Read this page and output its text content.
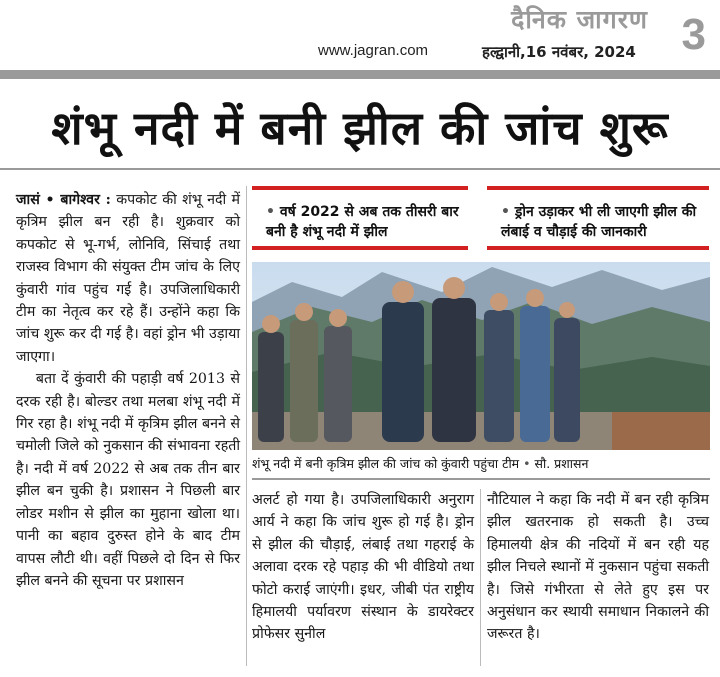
दैनिक जागरण
www.jagran.com	हल्द्वानी,16 नवंबर, 2024 3
शंभू नदी में बनी झील की जांच शुरू

जासं • बागेश्वर : कपकोट की शंभू नदी में कृत्रिम झील बन रही है। शुक्रवार को कपकोट से भू-गर्भ, लोनिवि, सिंचाई तथा राजस्व विभाग की संयुक्त टीम जांच के लिए कुंवारी गांव पहुंच गई है। उपजिलाधिकारी टीम का नेतृत्व कर रहे हैं। उन्होंने कहा कि जांच शुरू कर दी गई है। वहां ड्रोन भी उड़ाया जाएगा।

बता दें कुंवारी की पहाड़ी वर्ष 2013 से दरक रही है। बोल्डर तथा मलबा शंभू नदी में गिर रहा है। शंभू नदी में कृत्रिम झील बनने से चमोली जिले को नुकसान की संभावना रहती है। नदी में वर्ष 2022 से अब तक तीन बार झील बन चुकी है। प्रशासन ने पिछली बार लोडर मशीन से झील का मुहाना खोला था। पानी का बहाव दुरुस्त होने के बाद टीम वापस लौटी थी। वहीं पिछले दो दिन से फिर झील बनने की सूचना पर प्रशासन

• वर्ष 2022 से अब तक तीसरी बार बनी है शंभू नदी में झील
• ड्रोन उड़ाकर भी ली जाएगी झील की लंबाई व चौड़ाई की जानकारी
शंभू नदी में बनी कृत्रिम झील की जांच को कुंवारी पहुंचा टीम • सौ. प्रशासन

अलर्ट हो गया है। उपजिलाधिकारी अनुराग आर्य ने कहा कि जांच शुरू हो गई है। ड्रोन से झील की चौड़ाई, लंबाई तथा गहराई के अलावा दरक रहे पहाड़ की भी वीडियो तथा फोटो कराई जाएंगी। इधर, जीबी पंत राष्ट्रीय हिमालयी पर्यावरण संस्थान के डायरेक्टर प्रोफेसर सुनील

नौटियाल ने कहा कि नदी में बन रही कृत्रिम झील खतरनाक हो सकती है। उच्च हिमालयी क्षेत्र की नदियों में बन रही यह झील निचले स्थानों में नुकसान पहुंचा सकती है। जिसे गंभीरता से लेते हुए इस पर अनुसंधान कर स्थायी समाधान निकालने की जरूरत है।
